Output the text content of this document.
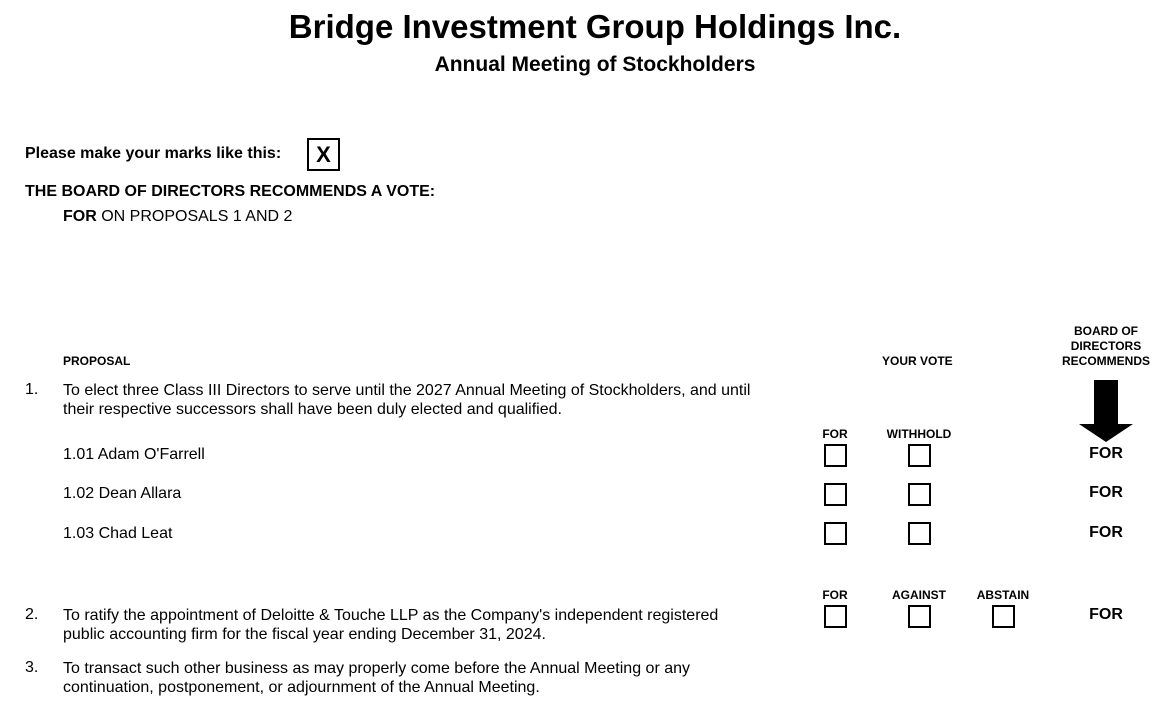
Bridge Investment Group Holdings Inc.
Annual Meeting of Stockholders
Please make your marks like this:	X
THE BOARD OF DIRECTORS RECOMMENDS A VOTE:
FOR ON PROPOSALS 1 AND 2
PROPOSAL	YOUR VOTE
BOARD OF
DIRECTORS
RECOMMENDS
1. To elect three Class III Directors to serve until the 2027 Annual Meeting of Stockholders, and until
their respective successors shall have been duly elected and qualified.
FOR	WITHHOLD
1.01 Adam O'Farrell	FOR
1.02 Dean Allara	FOR
1.03 Chad Leat	FOR
FOR	AGAINST	ABSTAIN
2. To ratify the appointment of Deloitte & Touche LLP as the Company's independent registered
public accounting firm for the fiscal year ending December 31, 2024.
FOR
3. To transact such other business as may properly come before the Annual Meeting or any
continuation, postponement, or adjournment of the Annual Meeting.
